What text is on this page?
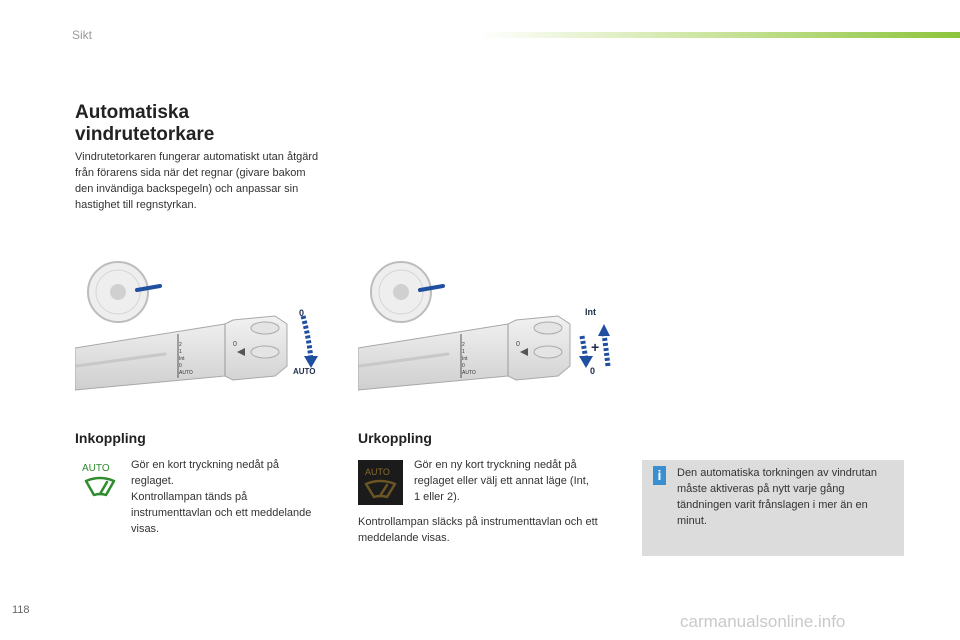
Sikt
Automatiska
vindrutetorkare

Vindrutetorkaren fungerar automatiskt utan åtgärd från förarens sida när det regnar (givare bakom den invändiga backspegeln) och anpassar sin hastighet till regnstyrkan.

2
1
Int
0
AUTO
0
0
AUTO
2
1
Int
0
AUTO
0	+
Int
0
Inkoppling
AUTO Gör en kort tryckning nedåt på
reglaget.
Kontrollampan tänds på
instrumenttavlan och ett meddelande
visas.
Urkoppling
AUTO
Gör en ny kort tryckning nedåt på
reglaget eller välj ett annat läge (Int,
1 eller 2).

Kontrollampan släcks på instrumenttavlan och ett meddelande visas.

i	Den automatiska torkningen av vindrutan måste aktiveras på nytt varje gång tändningen varit frånslagen i mer än en minut.

118
carmanualsonline.info
